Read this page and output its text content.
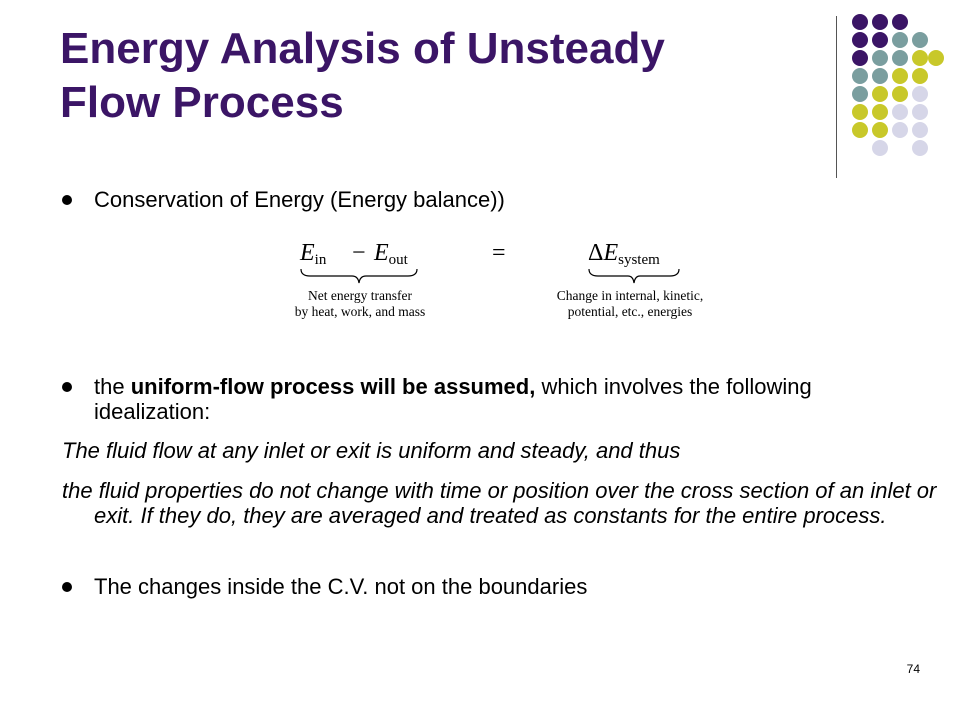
Energy Analysis of Unsteady
Flow Process
Conservation of Energy (Energy balance))
Ein − Eout	=	ΔEsystem
Net energy transfer
by heat, work, and mass
Change in internal, kinetic,
potential, etc., energies
the uniform-flow process will be assumed, which involves the following idealization:
The fluid flow at any inlet or exit is uniform and steady, and thus
the fluid properties do not change with time or position over the cross section of an inlet or exit. If they do, they are averaged and treated as constants for the entire process.
The changes inside the C.V. not on the boundaries
74
